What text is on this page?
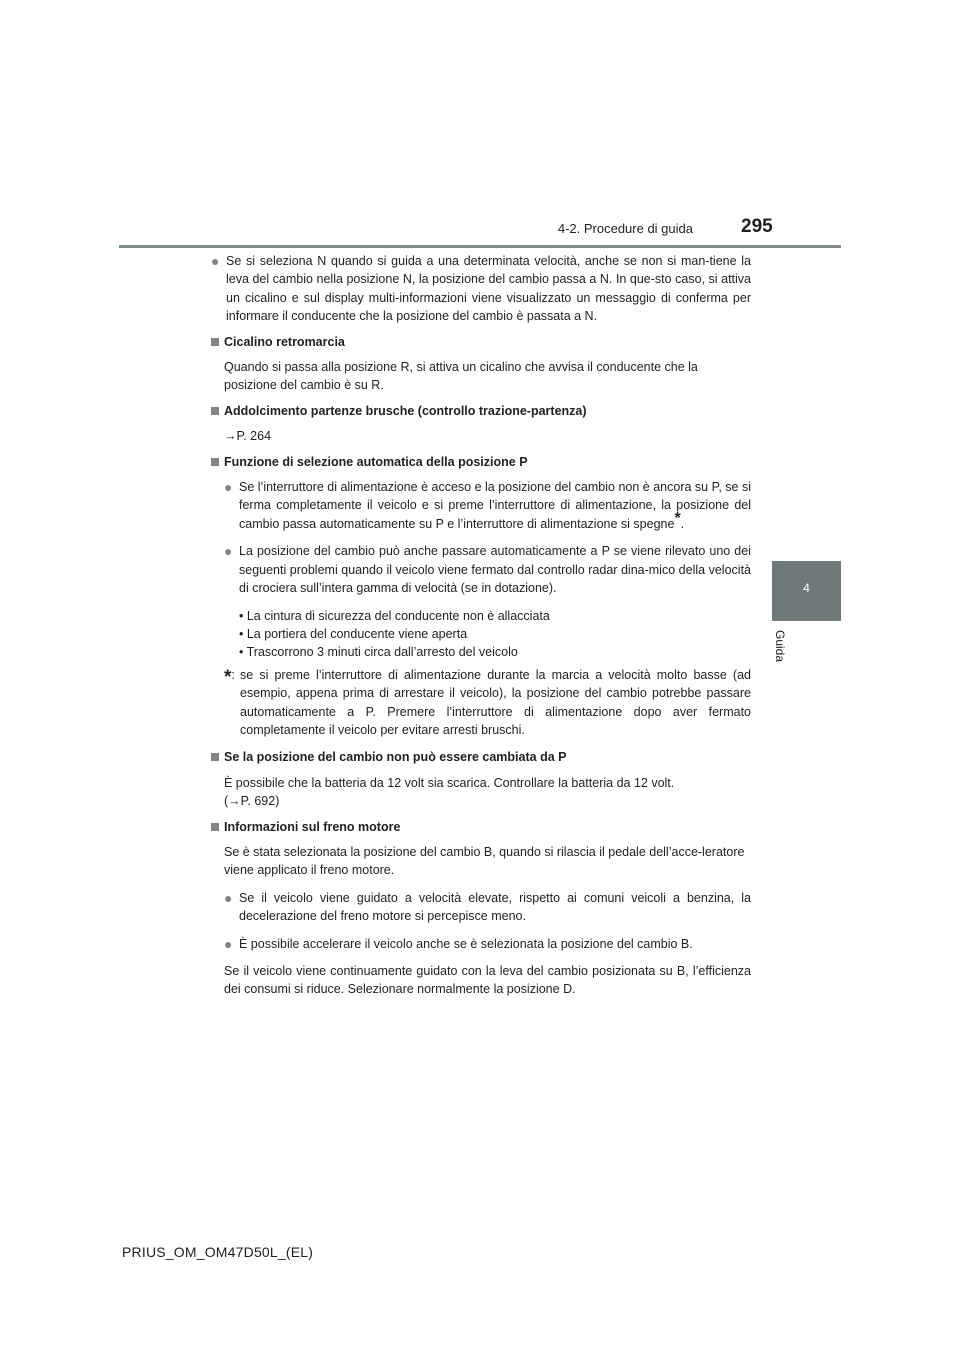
4-2. Procedure di guida	295
4
Guida
● Se si seleziona N quando si guida a una determinata velocità, anche se non si man-tiene la leva del cambio nella posizione N, la posizione del cambio passa a N. In que-sto caso, si attiva un cicalino e sul display multi-informazioni viene visualizzato un messaggio di conferma per informare il conducente che la posizione del cambio è passata a N.

Cicalino retromarcia

Quando si passa alla posizione R, si attiva un cicalino che avvisa il conducente che la posizione del cambio è su R.

Addolcimento partenze brusche (controllo trazione-partenza)

→P. 264

Funzione di selezione automatica della posizione P
● Se l’interruttore di alimentazione è acceso e la posizione del cambio non è ancora su P, se si ferma completamente il veicolo e si preme l’interruttore di alimentazione, la posizione del cambio passa automaticamente su P e l’interruttore di alimentazione si spegne*.

● La posizione del cambio può anche passare automaticamente a P se viene rilevato uno dei seguenti problemi quando il veicolo viene fermato dal controllo radar dina-mico della velocità di crociera sull’intera gamma di velocità (se in dotazione).

• La cintura di sicurezza del conducente non è allacciata

• La portiera del conducente viene aperta

• Trascorrono 3 minuti circa dall’arresto del veicolo

*: se si preme l’interruttore di alimentazione durante la marcia a velocità molto basse (ad esempio, appena prima di arrestare il veicolo), la posizione del cambio potrebbe passare automaticamente a P. Premere l’interruttore di alimentazione dopo aver fermato completamente il veicolo per evitare arresti bruschi.

Se la posizione del cambio non può essere cambiata da P

È possibile che la batteria da 12 volt sia scarica. Controllare la batteria da 12 volt.

(→P. 692)

Informazioni sul freno motore

Se è stata selezionata la posizione del cambio B, quando si rilascia il pedale dell’acce-leratore viene applicato il freno motore.

● Se il veicolo viene guidato a velocità elevate, rispetto ai comuni veicoli a benzina, la decelerazione del freno motore si percepisce meno.

● È possibile accelerare il veicolo anche se è selezionata la posizione del cambio B.

Se il veicolo viene continuamente guidato con la leva del cambio posizionata su B, l’efficienza dei consumi si riduce. Selezionare normalmente la posizione D.

PRIUS_OM_OM47D50L_(EL)
